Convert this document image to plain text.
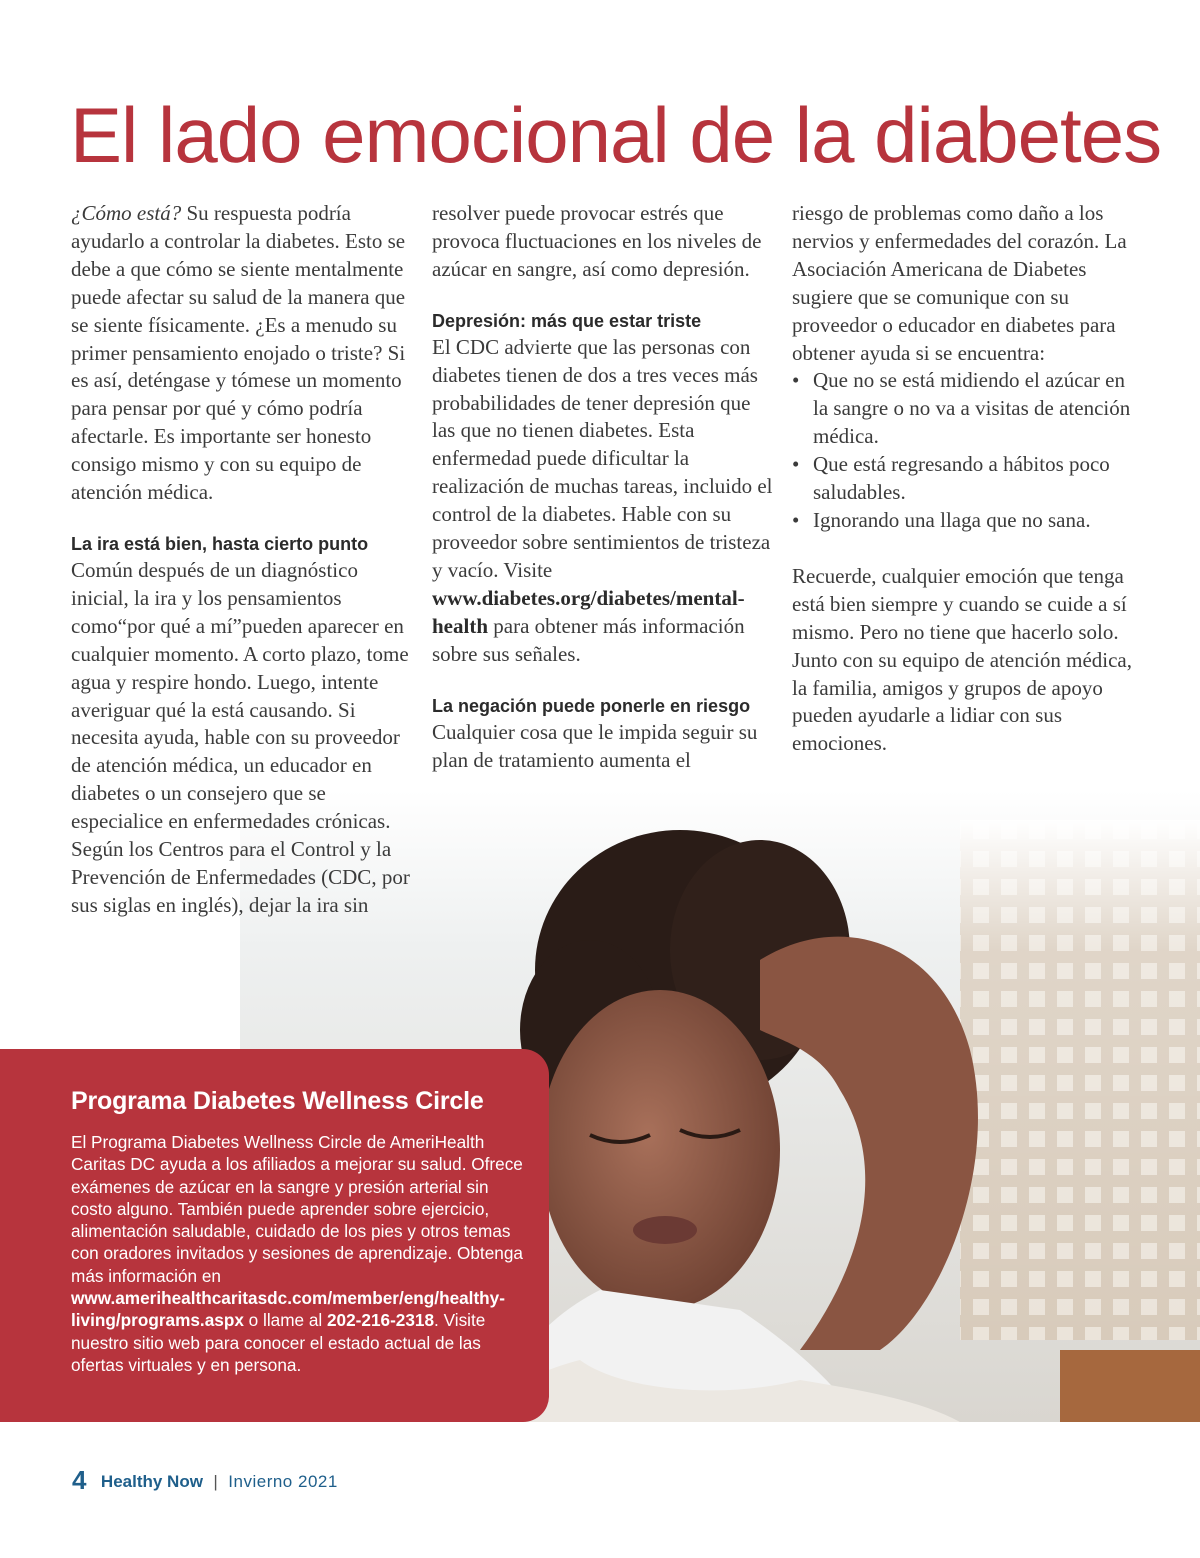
El lado emocional de la diabetes

¿Cómo está? Su respuesta podría ayudarlo a controlar la diabetes. Esto se debe a que cómo se siente mentalmente puede afectar su salud de la manera que se siente físicamente. ¿Es a menudo su primer pensamiento enojado o triste? Si es así, deténgase y tómese un momento para pensar por qué y cómo podría afectarle. Es importante ser honesto consigo mismo y con su equipo de atención médica.

La ira está bien, hasta cierto punto

Común después de un diagnóstico inicial, la ira y los pensamientos como“por qué a mí”pueden aparecer en cualquier momento. A corto plazo, tome agua y respire hondo. Luego, intente averiguar qué la está causando. Si necesita ayuda, hable con su proveedor de atención médica, un educador en diabetes o un consejero que se especialice en enfermedades crónicas. Según los Centros para el Control y la Prevención de Enfermedades (CDC, por sus siglas en inglés), dejar la ira sin

resolver puede provocar estrés que provoca fluctuaciones en los niveles de azúcar en sangre, así como depresión.

Depresión: más que estar triste

El CDC advierte que las personas con diabetes tienen de dos a tres veces más probabilidades de tener depresión que las que no tienen diabetes. Esta enfermedad puede dificultar la realización de muchas tareas, incluido el control de la diabetes. Hable con su proveedor sobre sentimientos de tristeza y vacío. Visite www.diabetes.org/diabetes/mental-health para obtener más información sobre sus señales.

La negación puede ponerle en riesgo

Cualquier cosa que le impida seguir su plan de tratamiento aumenta el

riesgo de problemas como daño a los nervios y enfermedades del corazón. La Asociación Americana de Diabetes sugiere que se comunique con su proveedor o educador en diabetes para obtener ayuda si se encuentra:

• Que no se está midiendo el azúcar en la sangre o no va a visitas de atención médica.
• Que está regresando a hábitos poco saludables.
• Ignorando una llaga que no sana.

Recuerde, cualquier emoción que tenga está bien siempre y cuando se cuide a sí mismo. Pero no tiene que hacerlo solo. Junto con su equipo de atención médica, la familia, amigos y grupos de apoyo pueden ayudarle a lidiar con sus emociones.

Programa Diabetes Wellness Circle
El Programa Diabetes Wellness Circle de AmeriHealth Caritas DC ayuda a los afiliados a mejorar su salud. Ofrece exámenes de azúcar en la sangre y presión arterial sin costo alguno. También puede aprender sobre ejercicio, alimentación saludable, cuidado de los pies y otros temas con oradores invitados y sesiones de aprendizaje. Obtenga más información en www.amerihealthcaritasdc.com/member/eng/healthy-living/programs.aspx o llame al 202-216-2318. Visite nuestro sitio web para conocer el estado actual de las ofertas virtuales y en persona.
4 Healthy Now | Invierno 2021
